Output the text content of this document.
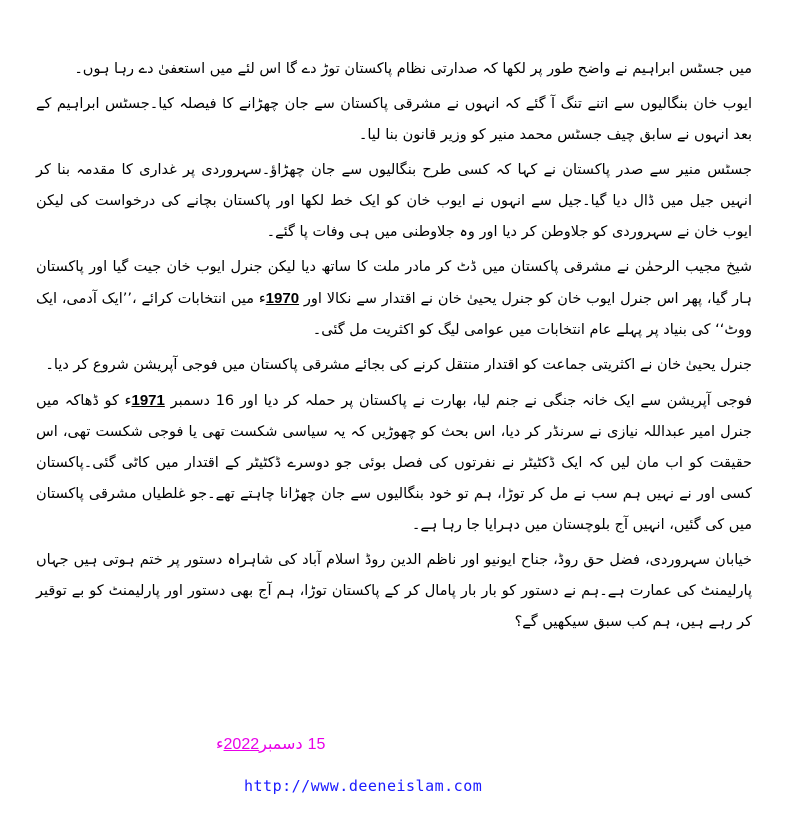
میں جسٹس ابراہیم نے واضح طور پر لکھا کہ صدارتی نظام پاکستان توڑ دے گا اس لئے میں استعفیٰ دے رہا ہوں۔

ایوب خان بنگالیوں سے اتنے تنگ آ گئے کہ انہوں نے مشرقی پاکستان سے جان چھڑانے کا فیصلہ کیا۔جسٹس ابراہیم کے بعد انہوں نے سابق چیف جسٹس محمد منیر کو وزیر قانون بنا لیا۔

جسٹس منیر سے صدر پاکستان نے کہا کہ کسی طرح بنگالیوں سے جان چھڑاؤ۔سہروردی پر غداری کا مقدمہ بنا کر انہیں جیل میں ڈال دیا گیا۔جیل سے انہوں نے ایوب خان کو ایک خط لکھا اور پاکستان بچانے کی درخواست کی لیکن ایوب خان نے سہروردی کو جلاوطن کر دیا اور وہ جلاوطنی میں ہی وفات پا گئے۔

شیخ مجیب الرحمٰن نے مشرقی پاکستان میں ڈٹ کر مادر ملت کا ساتھ دیا لیکن جنرل ایوب خان جیت گیا اور پاکستان ہار گیا، پھر اس جنرل ایوب خان کو جنرل یحییٰ خان نے اقتدار سے نکالا اور 1970ء میں انتخابات کرائے ،’’ایک آدمی، ایک ووٹ‘‘ کی بنیاد پر پہلے عام انتخابات میں عوامی لیگ کو اکثریت مل گئی۔

جنرل یحییٰ خان نے اکثریتی جماعت کو اقتدار منتقل کرنے کی بجائے مشرقی پاکستان میں فوجی آپریشن شروع کر دیا۔

فوجی آپریشن سے ایک خانہ جنگی نے جنم لیا، بھارت نے پاکستان پر حملہ کر دیا اور 16 دسمبر 1971ء کو ڈھاکہ میں جنرل امیر عبداللہ نیازی نے سرنڈر کر دیا، اس بحث کو چھوڑیں کہ یہ سیاسی شکست تھی یا فوجی شکست تھی، اس حقیقت کو اب مان لیں کہ ایک ڈکٹیٹر نے نفرتوں کی فصل بوئی جو دوسرے ڈکٹیٹر کے اقتدار میں کاٹی گئی۔پاکستان کسی اور نے نہیں ہم سب نے مل کر توڑا، ہم تو خود بنگالیوں سے جان چھڑانا چاہتے تھے۔جو غلطیاں مشرقی پاکستان میں کی گئیں، انہیں آج بلوچستان میں دہرایا جا رہا ہے۔

خیابان سہروردی، فضل حق روڈ، جناح ایونیو اور ناظم الدین روڈ اسلام آباد کی شاہراہ دستور پر ختم ہوتی ہیں جہاں پارلیمنٹ کی عمارت ہے۔ہم نے دستور کو بار بار پامال کر کے پاکستان توڑا، ہم آج بھی دستور اور پارلیمنٹ کو بے توقیر کر رہے ہیں، ہم کب سبق سیکھیں گے؟

15 دسمبر2022ء
http://www.deeneislam.com
